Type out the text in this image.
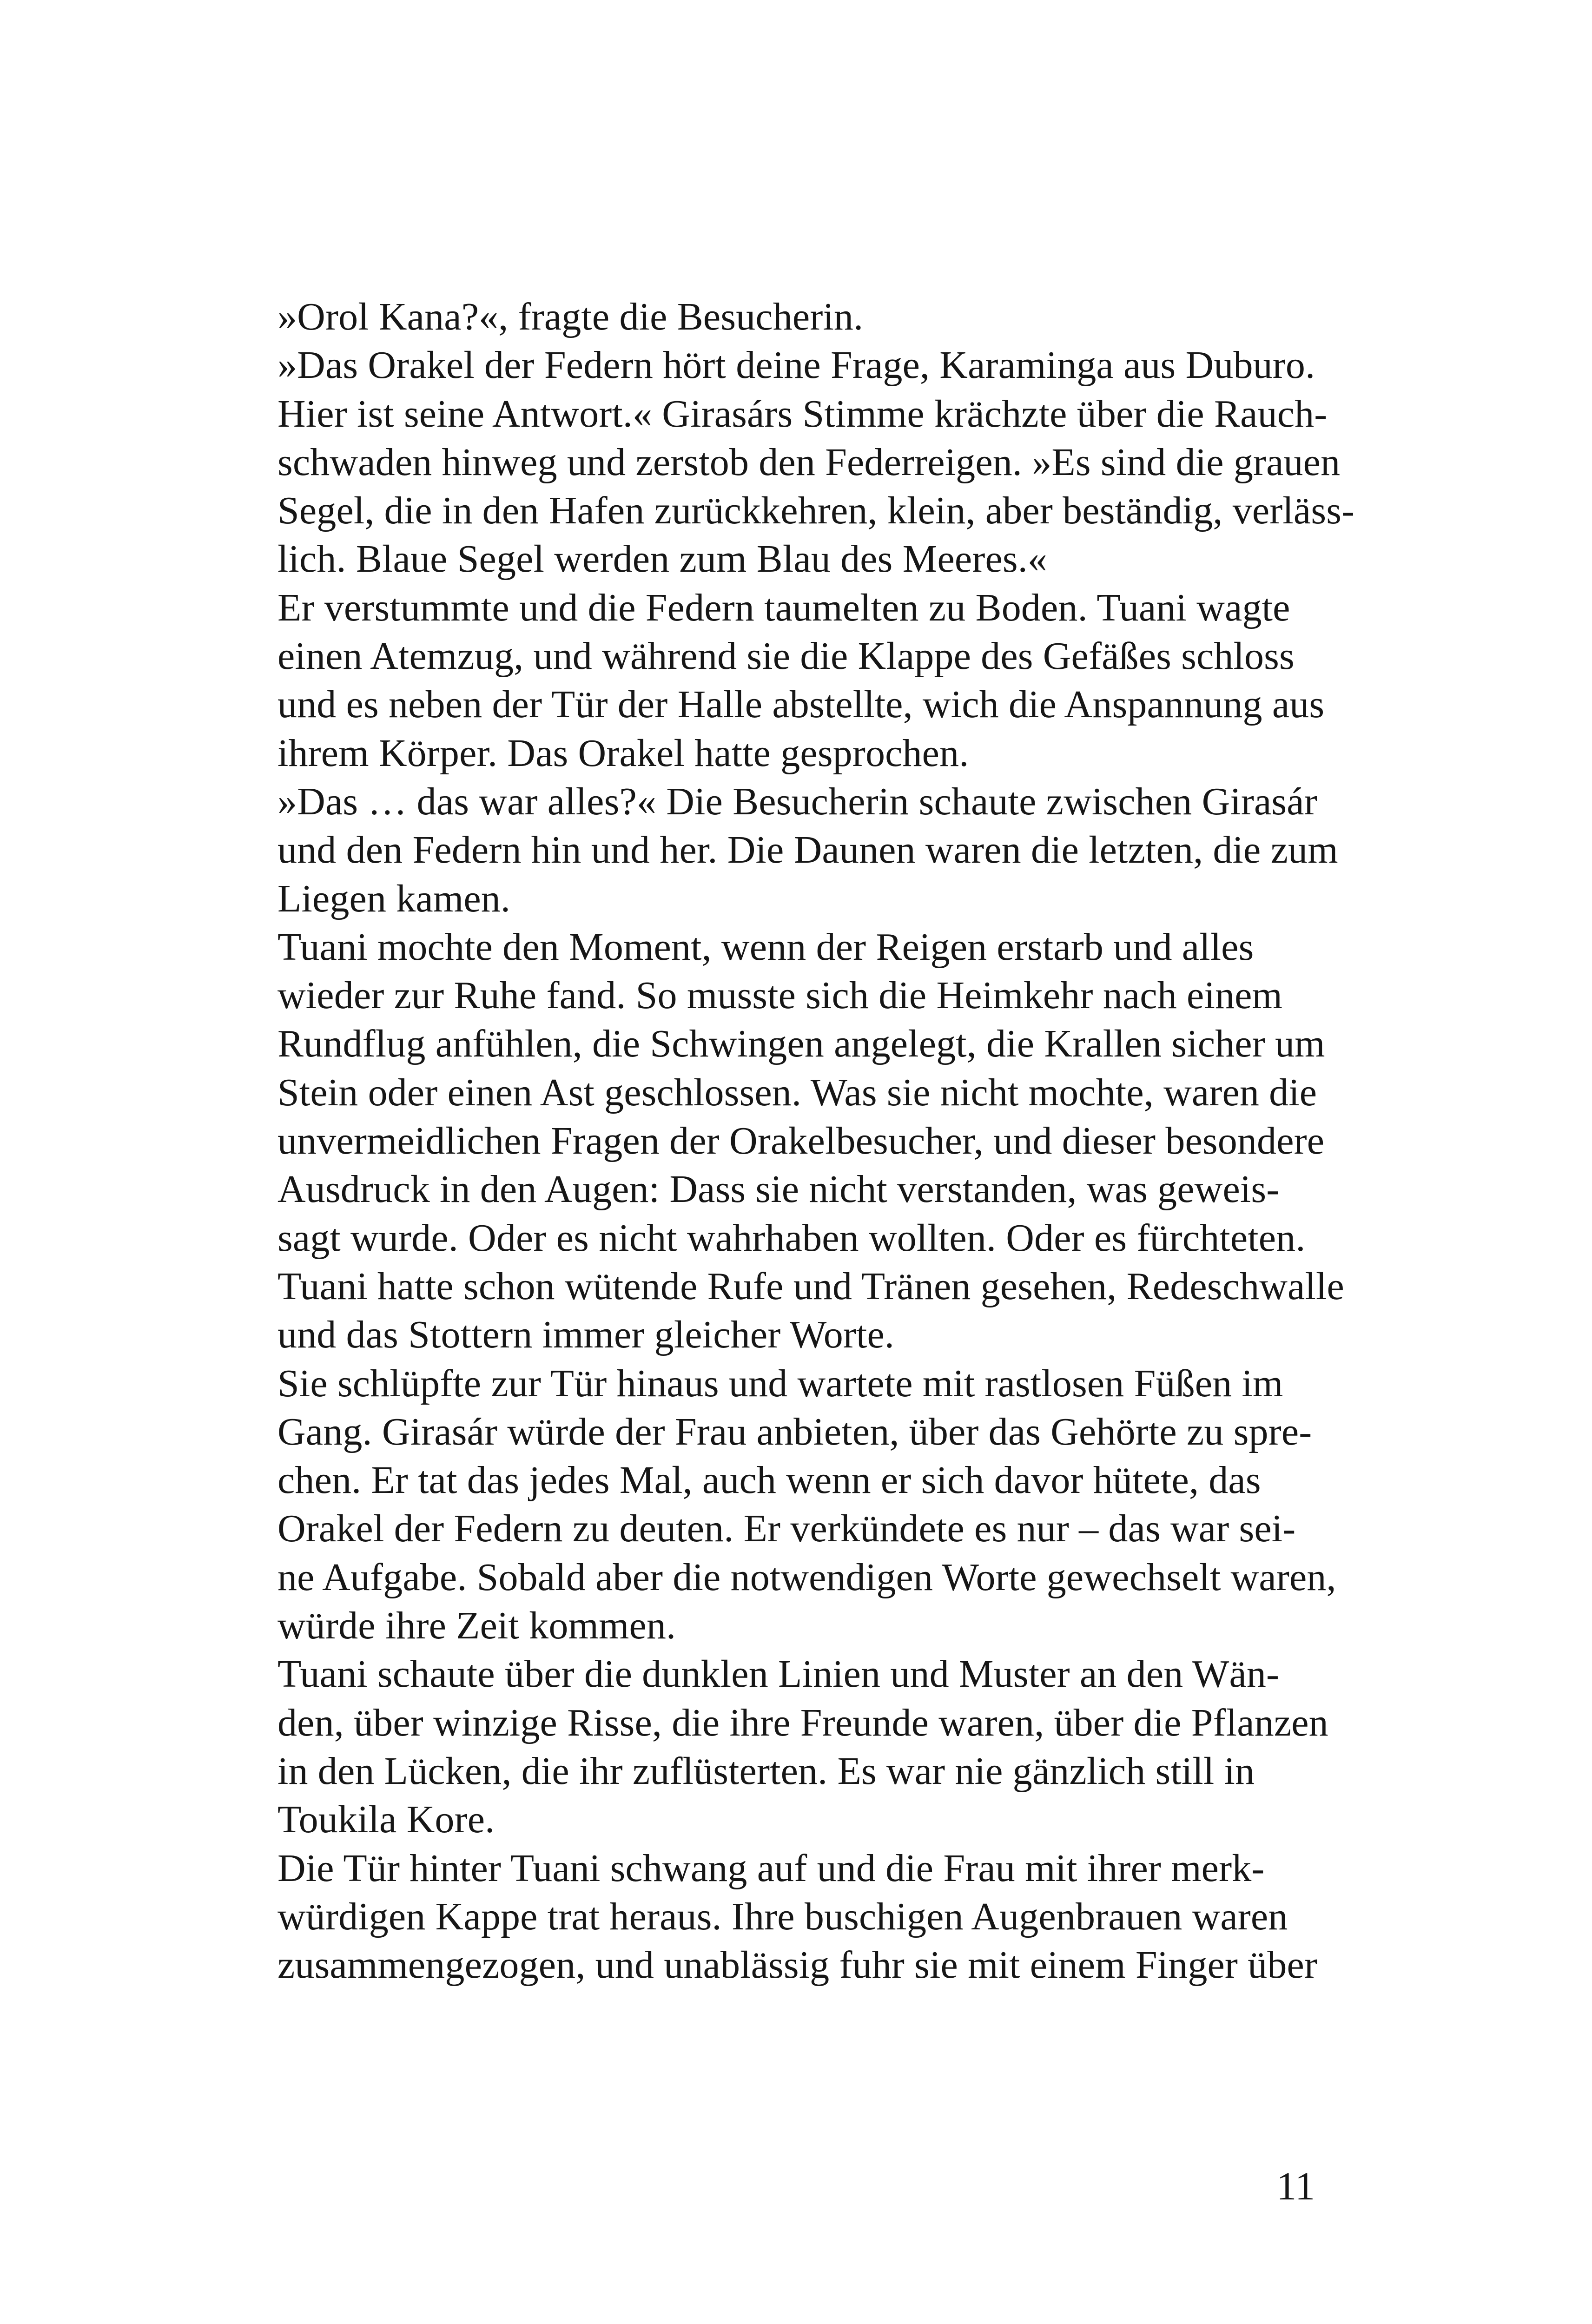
»Orol Kana?«, fragte die Besucherin.
»Das Orakel der Federn hört deine Frage, Karaminga aus Duburo.
Hier ist seine Antwort.« Girasárs Stimme krächzte über die Rauch-
schwaden hinweg und zerstob den Federreigen. »Es sind die grauen
Segel, die in den Hafen zurückkehren, klein, aber beständig, verläss-
lich. Blaue Segel werden zum Blau des Meeres.«
Er verstummte und die Federn taumelten zu Boden. Tuani wagte
einen Atemzug, und während sie die Klappe des Gefäßes schloss
und es neben der Tür der Halle abstellte, wich die Anspannung aus
ihrem Körper. Das Orakel hatte gesprochen.
»Das … das war alles?« Die Besucherin schaute zwischen Girasár
und den Federn hin und her. Die Daunen waren die letzten, die zum
Liegen kamen.
Tuani mochte den Moment, wenn der Reigen erstarb und alles
wieder zur Ruhe fand. So musste sich die Heimkehr nach einem
Rundflug anfühlen, die Schwingen angelegt, die Krallen sicher um
Stein oder einen Ast geschlossen. Was sie nicht mochte, waren die
unvermeidlichen Fragen der Orakelbesucher, und dieser besondere
Ausdruck in den Augen: Dass sie nicht verstanden, was geweis-
sagt wurde. Oder es nicht wahrhaben wollten. Oder es fürchteten.
Tuani hatte schon wütende Rufe und Tränen gesehen, Redeschwalle
und das Stottern immer gleicher Worte.
Sie schlüpfte zur Tür hinaus und wartete mit rastlosen Füßen im
Gang. Girasár würde der Frau anbieten, über das Gehörte zu spre-
chen. Er tat das jedes Mal, auch wenn er sich davor hütete, das
Orakel der Federn zu deuten. Er verkündete es nur – das war sei-
ne Aufgabe. Sobald aber die notwendigen Worte gewechselt waren,
würde ihre Zeit kommen.
Tuani schaute über die dunklen Linien und Muster an den Wän-
den, über winzige Risse, die ihre Freunde waren, über die Pflanzen
in den Lücken, die ihr zuflüsterten. Es war nie gänzlich still in
Toukila Kore.
Die Tür hinter Tuani schwang auf und die Frau mit ihrer merk-
würdigen Kappe trat heraus. Ihre buschigen Augenbrauen waren
zusammengezogen, und unablässig fuhr sie mit einem Finger über
11
